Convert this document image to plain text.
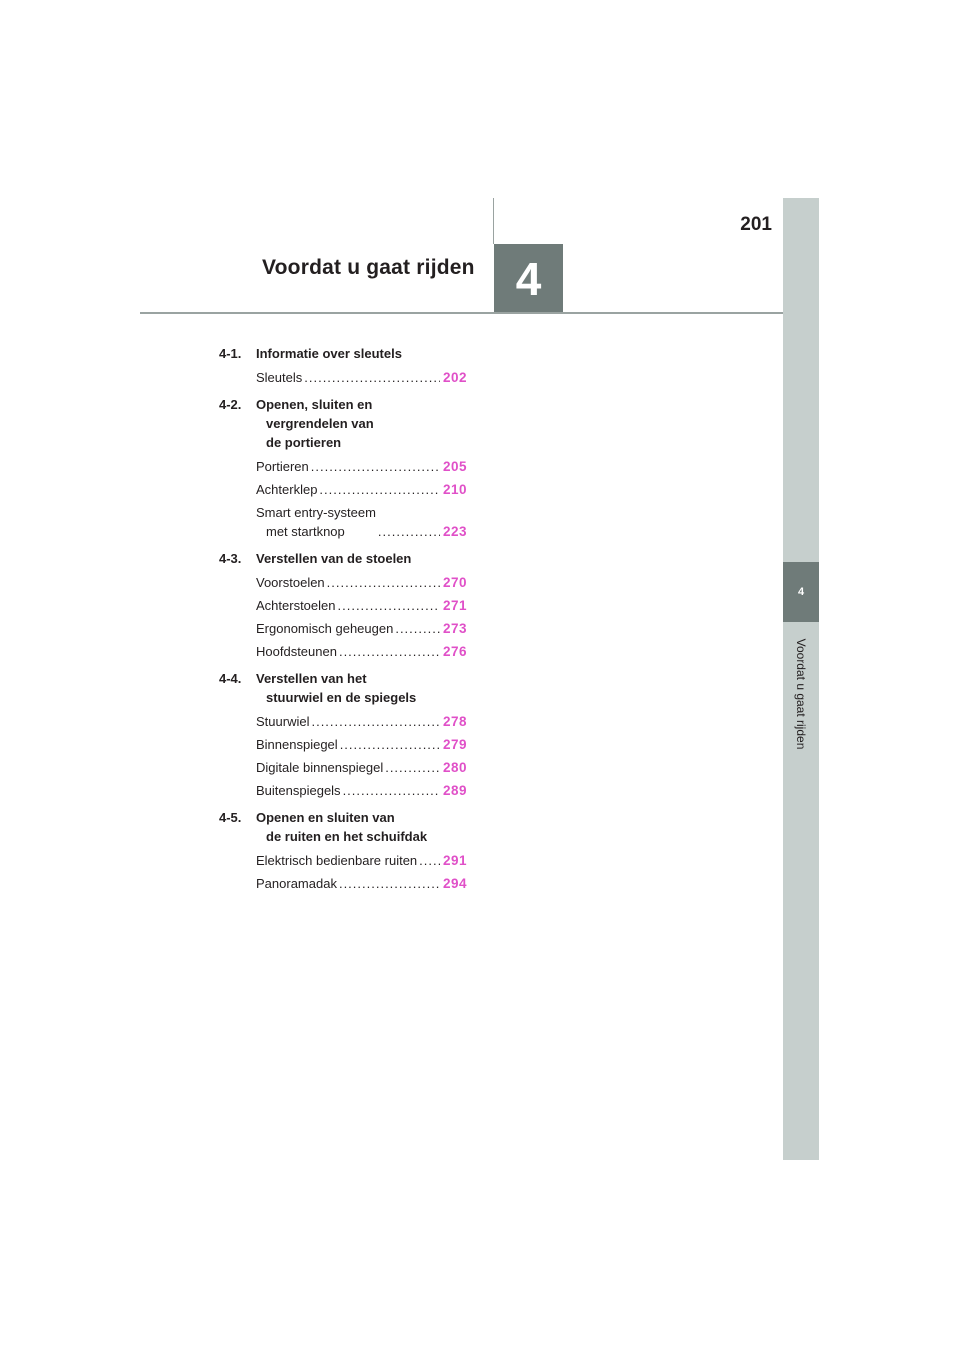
201
Voordat u gaat rijden 4
4
Voordat u gaat rijden
4-1.	Informatie over sleutels
Sleutels .....	202
4-2.	Openen, sluiten en
vergrendelen van
de portieren
Portieren .....	205
Achterklep .....	210
Smart entry-systeem
met startknop .....	223
4-3.	Verstellen van de stoelen
Voorstoelen .....	270
Achterstoelen .....	271
Ergonomisch geheugen .....	273
Hoofdsteunen .....	276
4-4.	Verstellen van het
stuurwiel en de spiegels
Stuurwiel .....	278
Binnenspiegel .....	279
Digitale binnenspiegel .....	280
Buitenspiegels .....	289
4-5.	Openen en sluiten van
de ruiten en het schuifdak
Elektrisch bedienbare ruiten ..... 291
Panoramadak .....	294
